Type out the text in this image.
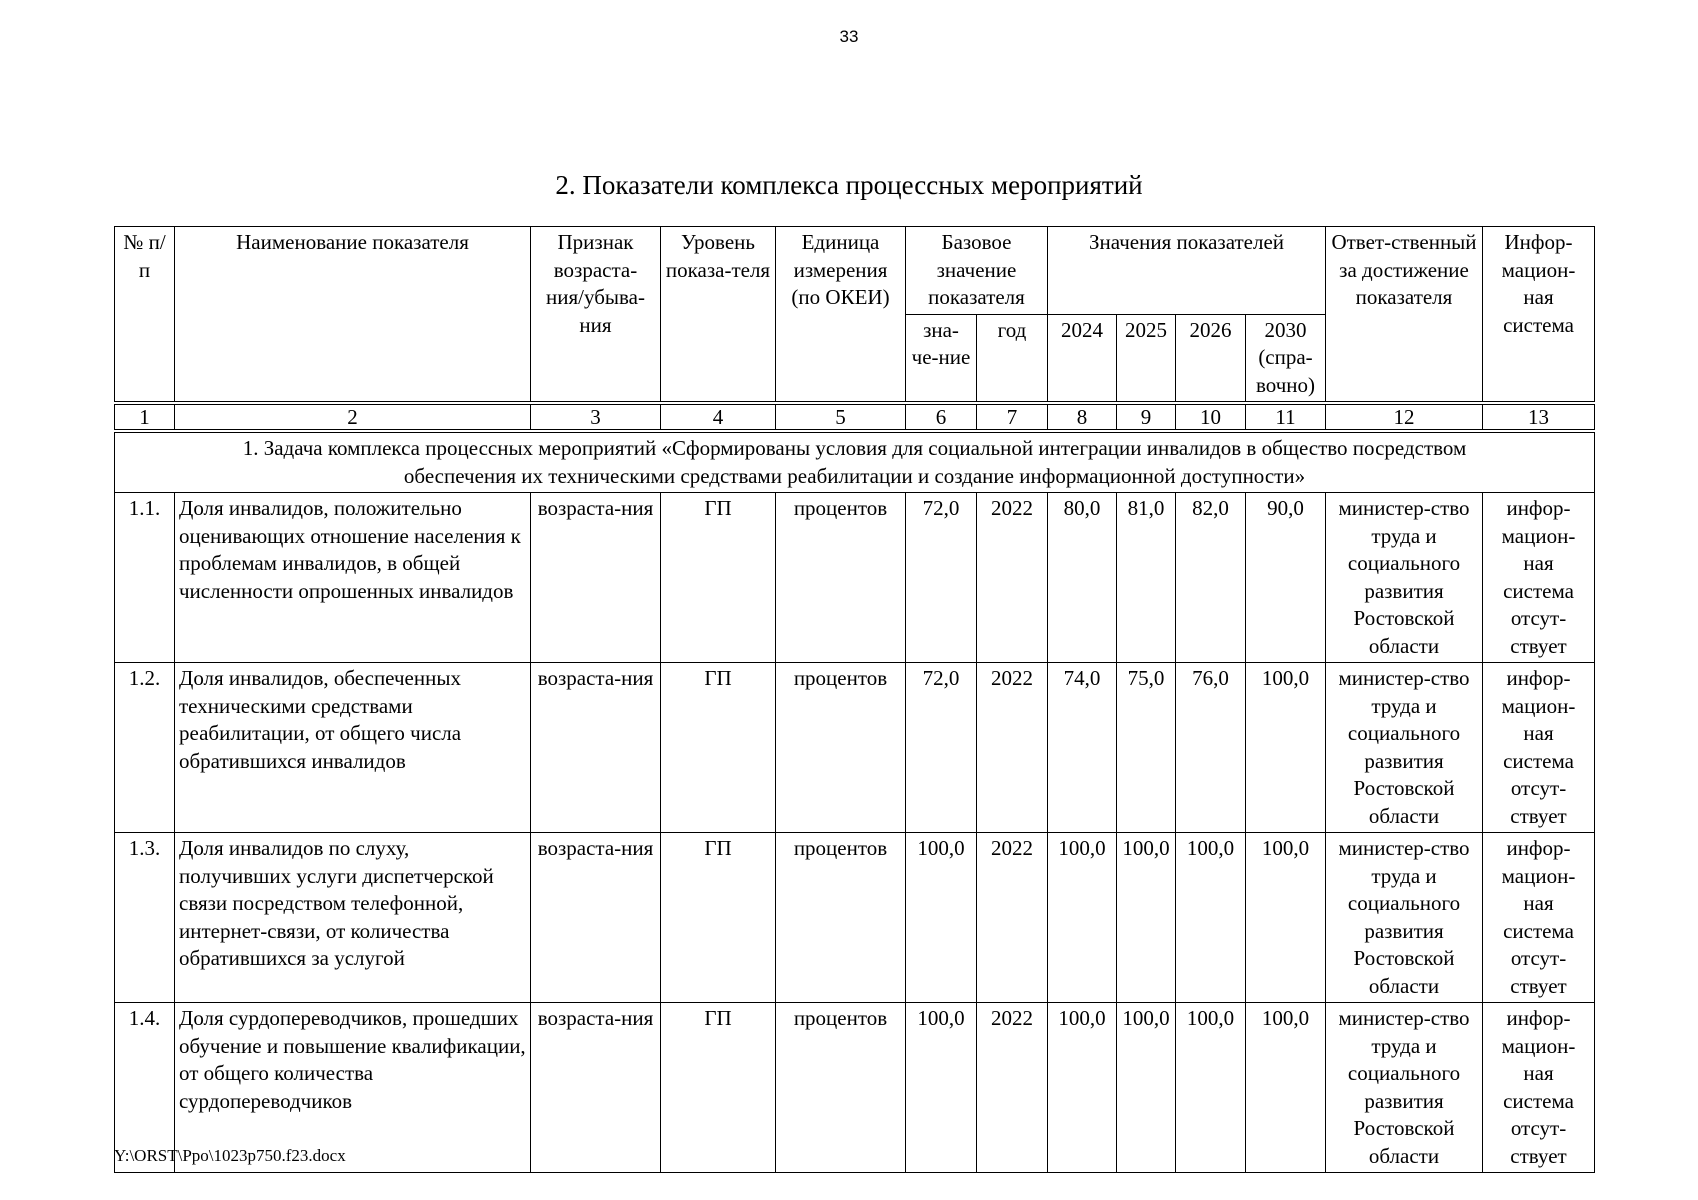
33
2. Показатели комплекса процессных мероприятий
№ п/п	Наименование показателя	Признак возраста-ния/убыва-ния	Уровень показа-теля	Единица измерения (по ОКЕИ)	Базовое значение показателя		Значения показателей				Ответ-ственный за достижение показателя	Инфор-мацион-ная система
					зна-че-ние	год	2024	2025	2026	2030 (спра-вочно)		
1	2	3	4	5	6	7	8	9	10	11	12	13
1. Задача комплекса процессных мероприятий «Сформированы условия для социальной интеграции инвалидов в общество посредством обеспечения их техническими средствами реабилитации и создание информационной доступности»												
1.1.	Доля инвалидов, положительно оценивающих отношение населения к проблемам инвалидов, в общей численности опрошенных инвалидов	возраста-ния	ГП	процентов	72,0	2022	80,0	81,0	82,0	90,0	министер-ство труда и социального развития Ростовской области	инфор-мацион-ная система отсут-ствует
1.2.	Доля инвалидов, обеспеченных техническими средствами реабилитации, от общего числа обратившихся инвалидов	возраста-ния	ГП	процентов	72,0	2022	74,0	75,0	76,0	100,0	министер-ство труда и социального развития Ростовской области	инфор-мацион-ная система отсут-ствует
1.3.	Доля инвалидов по слуху, получивших услуги диспетчерской связи посредством телефонной, интернет-связи, от количества обратившихся за услугой	возраста-ния	ГП	процентов	100,0	2022	100,0	100,0	100,0	100,0	министер-ство труда и социального развития Ростовской области	инфор-мацион-ная система отсут-ствует
1.4.	Доля сурдопереводчиков, прошедших обучение и повышение квалификации, от общего количества сурдопереводчиков	возраста-ния	ГП	процентов	100,0	2022	100,0	100,0	100,0	100,0	министер-ство труда и социального развития Ростовской области	инфор-мацион-ная система отсут-ствует
Y:\ORST\Ppo\1023p750.f23.docx
